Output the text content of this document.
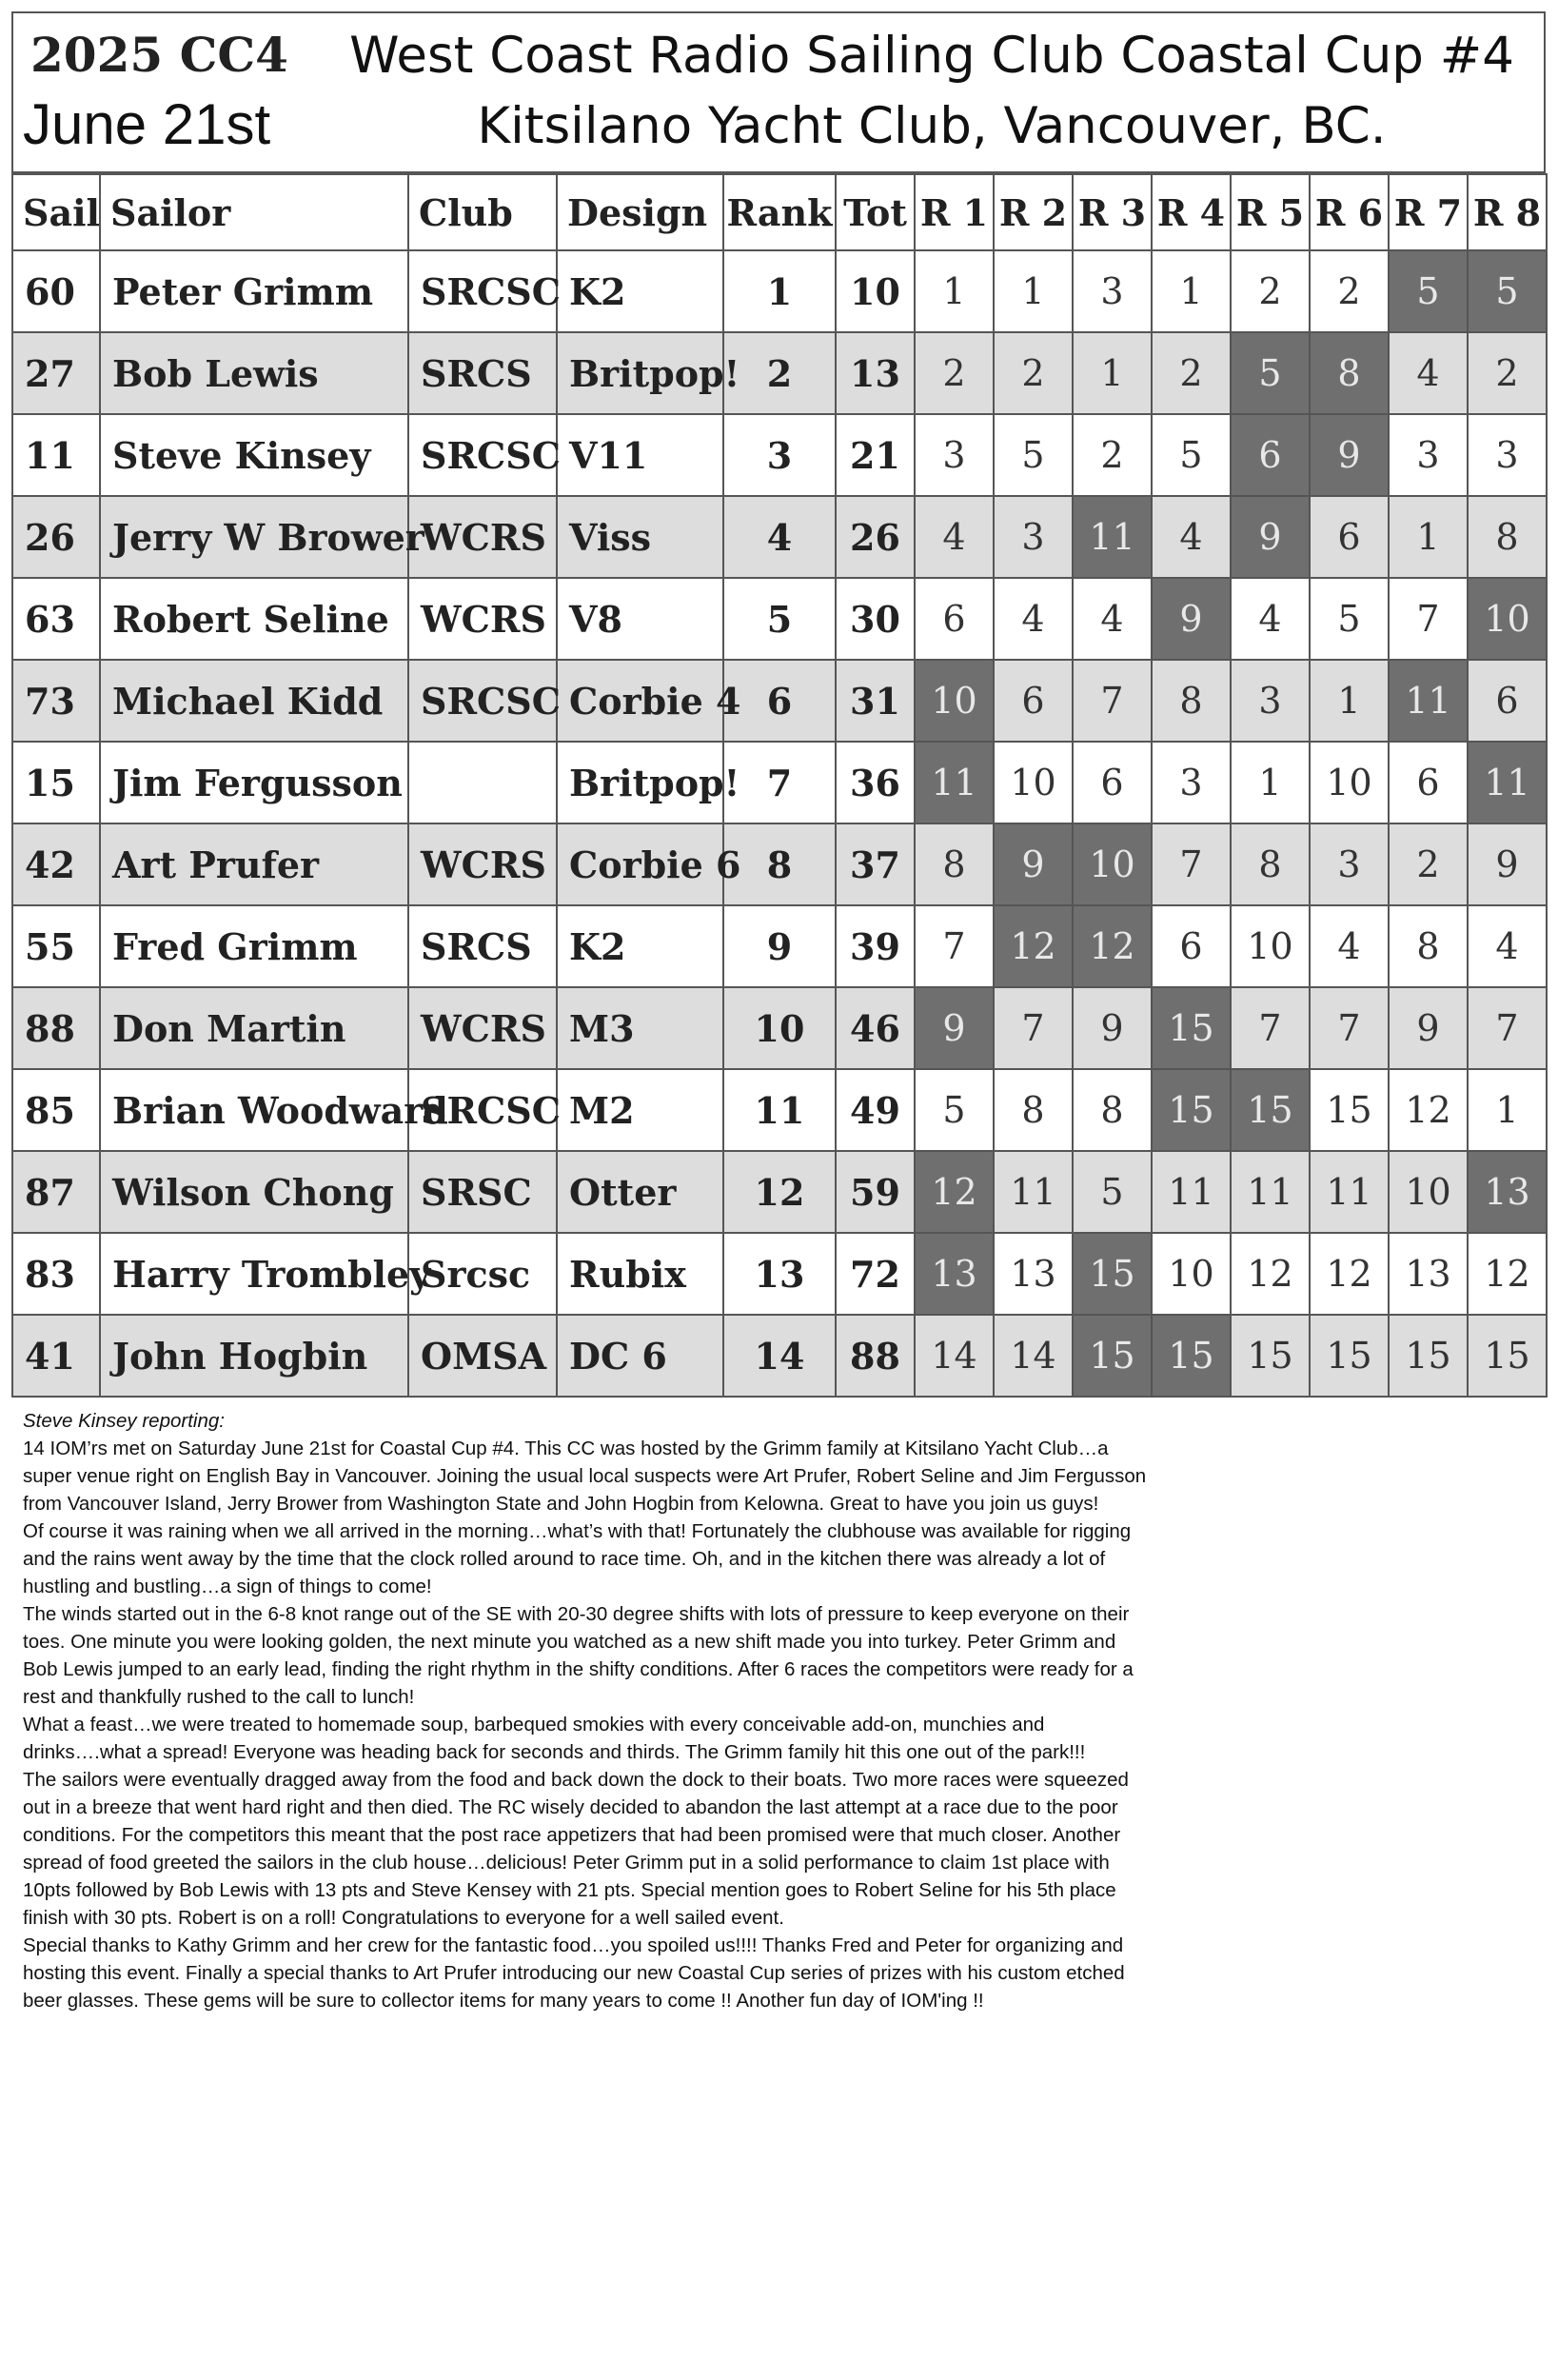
2025 CC4
June 21st
West Coast Radio Sailing Club Coastal Cup #4
Kitsilano Yacht Club, Vancouver, BC.
Sail	Sailor	Club	Design	Rank	Tot	R 1	R 2	R 3	R 4	R 5	R 6	R 7	R 8
60	Peter Grimm	SRCSC	K2	1	10	1	1	3	1	2	2	5	5
27	Bob Lewis	SRCS	Britpop!	2	13	2	2	1	2	5	8	4	2
11	Steve Kinsey	SRCSC	V11	3	21	3	5	2	5	6	9	3	3
26	Jerry W Brower	WCRS	Viss	4	26	4	3	11	4	9	6	1	8
63	Robert Seline	WCRS	V8	5	30	6	4	4	9	4	5	7	10
73	Michael Kidd	SRCSC	Corbie 4	6	31	10	6	7	8	3	1	11	6
15	Jim Fergusson		Britpop!	7	36	11	10	6	3	1	10	6	11
42	Art Prufer	WCRS	Corbie 6	8	37	8	9	10	7	8	3	2	9
55	Fred Grimm	SRCS	K2	9	39	7	12	12	6	10	4	8	4
88	Don Martin	WCRS	M3	10	46	9	7	9	15	7	7	9	7
85	Brian Woodward	SRCSC	M2	11	49	5	8	8	15	15	15	12	1
87	Wilson Chong	SRSC	Otter	12	59	12	11	5	11	11	11	10	13
83	Harry Trombley	Srcsc	Rubix	13	72	13	13	15	10	12	12	13	12
41	John Hogbin	OMSA	DC 6	14	88	14	14	15	15	15	15	15	15

Steve Kinsey reporting:

14 IOM’rs met on Saturday June 21st for Coastal Cup #4. This CC was hosted by the Grimm family at Kitsilano Yacht Club…a super venue right on English Bay in Vancouver. Joining the usual local suspects were Art Prufer, Robert Seline and Jim Fergusson from Vancouver Island, Jerry Brower from Washington State and John Hogbin from Kelowna. Great to have you join us guys!

Of course it was raining when we all arrived in the morning…what’s with that! Fortunately the clubhouse was available for rigging and the rains went away by the time that the clock rolled around to race time. Oh, and in the kitchen there was already a lot of hustling and bustling…a sign of things to come!

The winds started out in the 6-8 knot range out of the SE with 20-30 degree shifts with lots of pressure to keep everyone on their toes. One minute you were looking golden, the next minute you watched as a new shift made you into turkey. Peter Grimm and Bob Lewis jumped to an early lead, finding the right rhythm in the shifty conditions. After 6 races the competitors were ready for a rest and thankfully rushed to the call to lunch!

What a feast…we were treated to homemade soup, barbequed smokies with every conceivable add-on, munchies and drinks….what a spread! Everyone was heading back for seconds and thirds. The Grimm family hit this one out of the park!!!

The sailors were eventually dragged away from the food and back down the dock to their boats. Two more races were squeezed out in a breeze that went hard right and then died. The RC wisely decided to abandon the last attempt at a race due to the poor conditions. For the competitors this meant that the post race appetizers that had been promised were that much closer. Another spread of food greeted the sailors in the club house…delicious! Peter Grimm put in a solid performance to claim 1st place with 10pts followed by Bob Lewis with 13 pts and Steve Kensey with 21 pts. Special mention goes to Robert Seline for his 5th place finish with 30 pts. Robert is on a roll! Congratulations to everyone for a well sailed event.

Special thanks to Kathy Grimm and her crew for the fantastic food…you spoiled us!!!! Thanks Fred and Peter for organizing and hosting this event. Finally a special thanks to Art Prufer introducing our new Coastal Cup series of prizes with his custom etched beer glasses. These gems will be sure to collector items for many years to come !! Another fun day of IOM'ing !!
